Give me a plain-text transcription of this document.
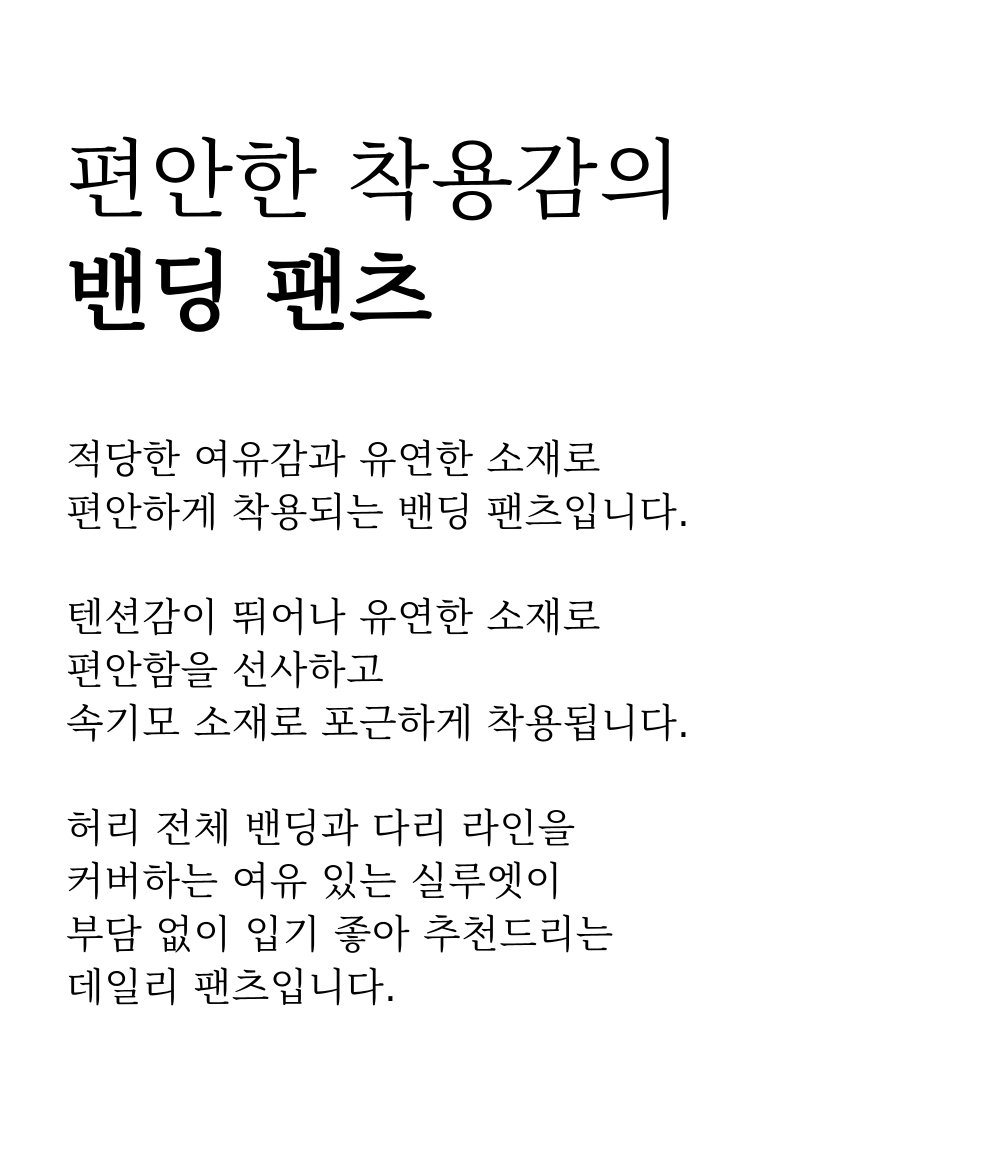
편안한 착용감의
밴딩 팬츠

적당한 여유감과 유연한 소재로
편안하게 착용되는 밴딩 팬츠입니다.

텐션감이 뛰어나 유연한 소재로
편안함을 선사하고
속기모 소재로 포근하게 착용됩니다.

허리 전체 밴딩과 다리 라인을
커버하는 여유 있는 실루엣이
부담 없이 입기 좋아 추천드리는
데일리 팬츠입니다.
